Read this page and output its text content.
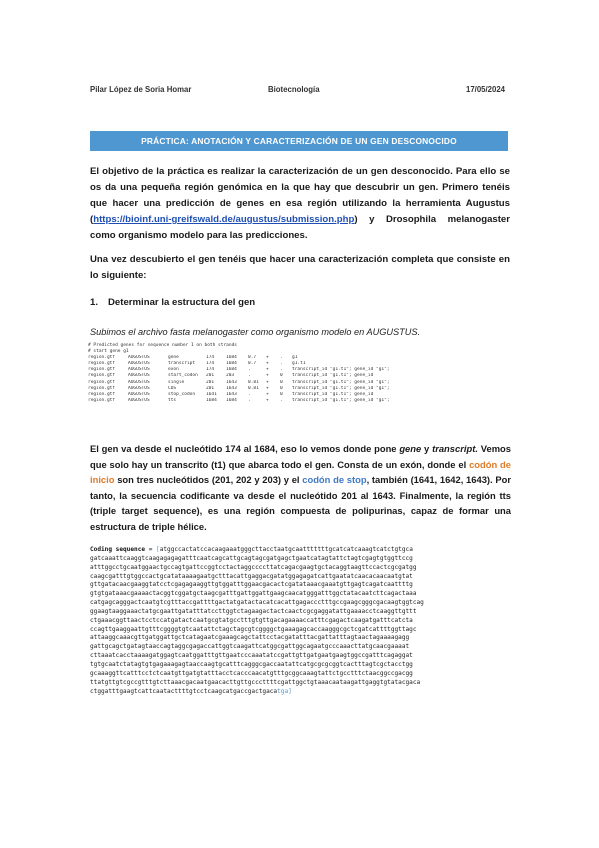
Pilar López de Soria Homar	Biotecnología	17/05/2024
PRÁCTICA: ANOTACIÓN Y CARACTERIZACIÓN DE UN GEN DESCONOCIDO
El objetivo de la práctica es realizar la caracterización de un gen desconocido. Para ello se os da una pequeña región genómica en la que hay que descubrir un gen. Primero tenéis que hacer una predicción de genes en esa región utilizando la herramienta Augustus (https://bioinf.uni-greifswald.de/augustus/submission.php) y Drosophila melanogaster como organismo modelo para las predicciones.
Una vez descubierto el gen tenéis que hacer una caracterización completa que consiste en lo siguiente:
1. Determinar la estructura del gen
Subimos el archivo fasta melanogaster como organismo modelo en AUGUSTUS.
# Predicted genes for sequence number 1 on both strands
# start gene g1
region.gtf	AUGUSTUS	gene	174	1684 0.7 +	. g1
region.gtf	AUGUSTUS	transcript 174	1684 0.7 +	. g1.t1
region.gtf	AUGUSTUS	exon	174	1684 .	+	. transcript_id "g1.t1"; gene_id "g1";
region.gtf	AUGUSTUS	start_codon 201	203	.	+	0 transcript_id "g1.t1"; gene_id
region.gtf	AUGUSTUS	single	201	1643 0.81 +	0 transcript_id "g1.t1"; gene_id "g1";
region.gtf	AUGUSTUS	CDS	201	1643 0.81 +	0 transcript_id "g1.t1"; gene_id "g1";
region.gtf	AUGUSTUS	stop_codon 1641 1643 .	+	0 transcript_id "g1.t1"; gene_id
region.gtf	AUGUSTUS	tts	1684 1684 .	+	. transcript_id "g1.t1"; gene_id "g1";
El gen va desde el nucleótido 174 al 1684, eso lo vemos donde pone gene y transcript. Vemos que solo hay un transcrito (t1) que abarca todo el gen. Consta de un exón, donde el codón de inicio son tres nucleótidos (201, 202 y 203) y el codón de stop, también (1641, 1642, 1643). Por tanto, la secuencia codificante va desde el nucleótido 201 al 1643. Finalmente, la región tts (triple target sequence), es una región compuesta de polipurinas, capaz de formar una estructura de triple hélice.
Coding sequence = [atggccactatccacaagaaatgggcttacctaatgcaatttttttgcatcatcaaagtcatctgtgca
gatcaaattcaaggtcaagagagagatttcaatcagcattgcagtagcgatgagctgaatcatagtattctagtcgagtgtggttccg
atttggcctgcaatggaactgccagtgattccggtcctactaggccccttatcagacgaagtgctacaggtaagttccactcgcgatgg
caagcgatttgtggccactgcatataaaagaatgctttacattgaggacgatatggagagatcattgaatatcaacacaacaatgtat
gttgatacaacgaaggtatcctcgagagaaggttgtggatttggaacgacactcgatataaacgaaatgttgagtcagatcaattttg
gtgtgataaacgaaaactacggtcggatgctaagcgatttgattggattgaagcaacatgggatttggctatacaatcttcagactaaa
catgagcagggactcaatgtcgtttaccgattttgactatgatactacatcacattgagaccctttgccgaagcgggcgacaagtggtcag
ggaagtaaggaaactatgcgaattgatatttatccttggtctagaagactactcaactcgcgaggatattgaaaacctcaaggttgttt
ctgaaacggttaactcctccatgatactcaatgcgtatgcctttgtgttgacagaaaaccatttcgagactcaagatgatttcatcta
ccagttgaaggaattgtttcggggtgtcaatattctagctagcgtcggggctgaaagagcaccaagggcgctcgatcattttggttagc
attaaggcaaacgttgatggattgctcatagaatcgaaagcagctattcctacgatatttacgattatttagtaactagaaaagagg
gattgcagctgatagtaaccagtaggcgagaccattggtcaagattcatggcgattggcagaatgcccaaacttatgcaacgaaaat
cttaaatcacctaaaagatggagtcaatggatttgttgaatcccaaatatccgattgttgatgaatgaagtggccgatttcagaggat
tgtgcaatctatagtgtgagaaagagtaaccaagtgcatttcagggcgaccaatattcatgcgcgcggtcactttagtcgctacctgg
gcaaaggttcatttcctctcaatgttgatgtatttacctcacccaacatgtttgcggcaaagtattctgcctttctaacggccgacgg
ttatgttgtcgccgtttgtcttaaacgacaatgaacacttgttgcccttttcgattggctgtaaacaataagattgaggtgtatacgaca
ctggatttgaagtcattcaatacttttgtcctcaagcatgaccgactgacatga]
